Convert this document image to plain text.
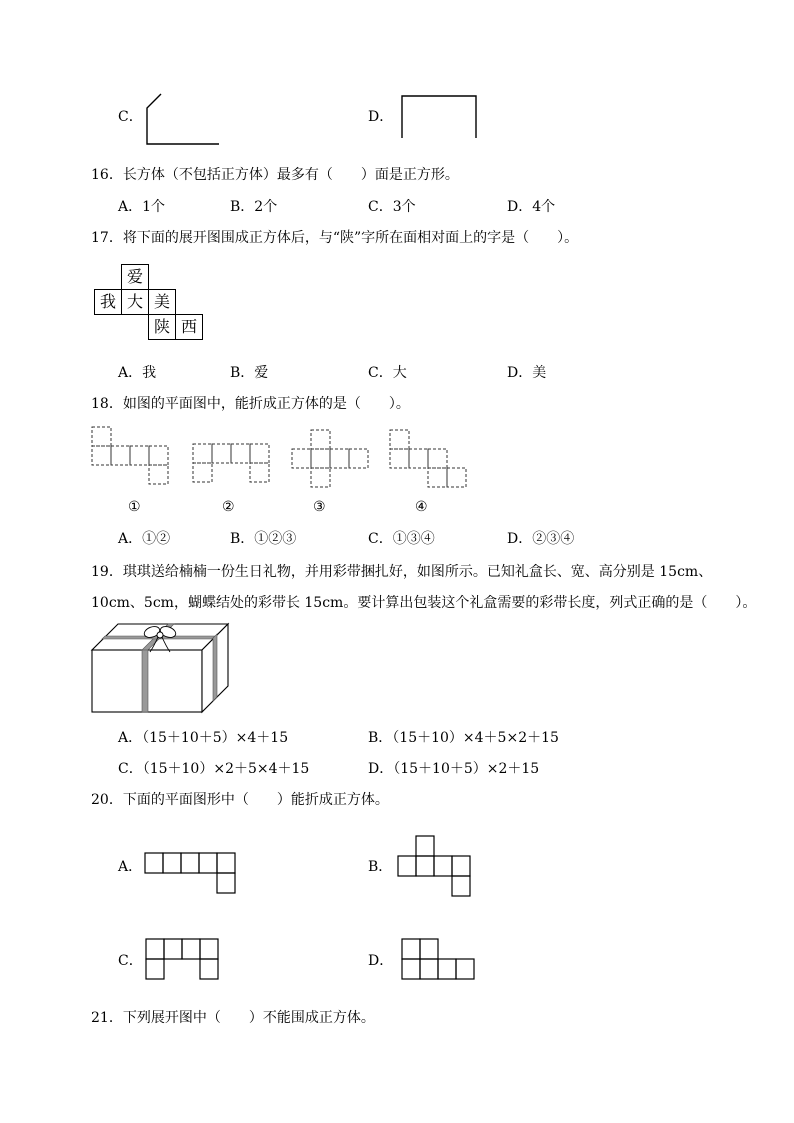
C．	D．
16．长方体（不包括正方体）最多有（　　）面是正方形。
A．1个	B．2个	C．3个	D．4个
17．将下面的展开图围成正方体后，与“陕”字所在面相对面上的字是（　　）。
爱
我 大 美
陕 西
A．我	B．爱	C．大	D．美
18．如图的平面图中，能折成正方体的是（　　）。
①	②	③	④
A．①②	B．①②③	C．①③④	D．②③④
19．琪琪送给楠楠一份生日礼物，并用彩带捆扎好，如图所示。已知礼盒长、宽、高分别是 15cm、
10cm、5cm，蝴蝶结处的彩带长 15cm。要计算出包装这个礼盒需要的彩带长度，列式正确的是（　　）。
A．（15＋10＋5）×4＋15	B．（15＋10）×4＋5×2＋15
C．（15＋10）×2＋5×4＋15	D．（15＋10＋5）×2＋15
20．下面的平面图形中（　　）能折成正方体。
A．	B．
C．	D．
21．下列展开图中（　　）不能围成正方体。
